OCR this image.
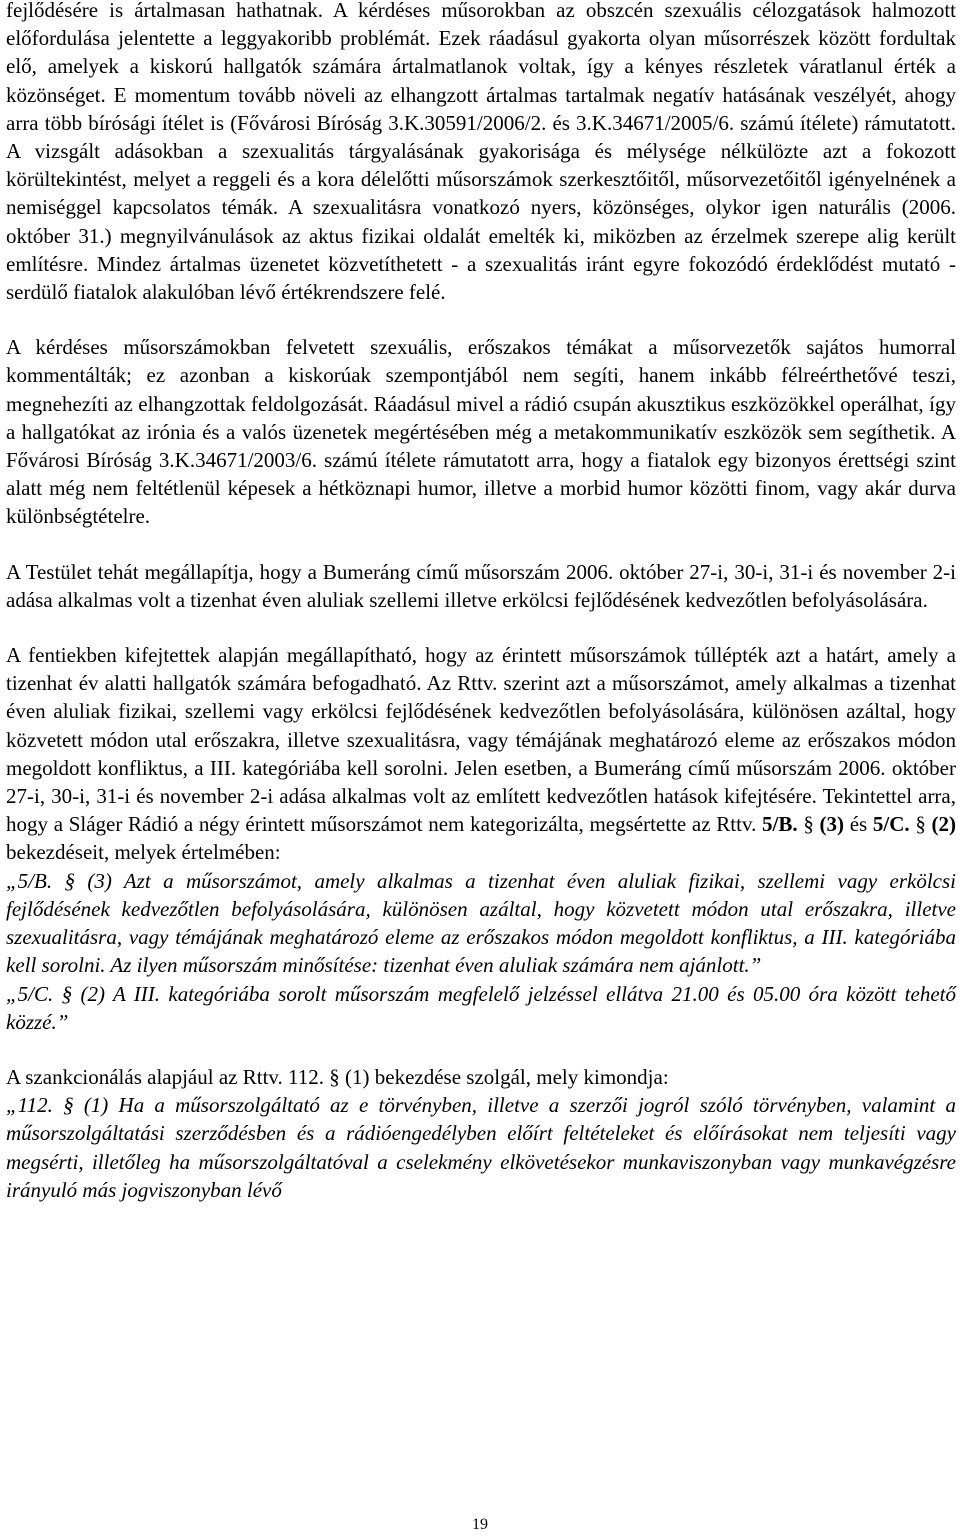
fejlődésére is ártalmasan hathatnak. A kérdéses műsorokban az obszcén szexuális célozgatások halmozott előfordulása jelentette a leggyakoribb problémát. Ezek ráadásul gyakorta olyan műsorrészek között fordultak elő, amelyek a kiskorú hallgatók számára ártalmatlanok voltak, így a kényes részletek váratlanul érték a közönséget. E momentum tovább növeli az elhangzott ártalmas tartalmak negatív hatásának veszélyét, ahogy arra több bírósági ítélet is (Fővárosi Bíróság 3.K.30591/2006/2. és 3.K.34671/2005/6. számú ítélete) rámutatott. A vizsgált adásokban a szexualitás tárgyalásának gyakorisága és mélysége nélkülözte azt a fokozott körültekintést, melyet a reggeli és a kora délelőtti műsorszámok szerkesztőitől, műsorvezetőitől igényelnének a nemiséggel kapcsolatos témák. A szexualitásra vonatkozó nyers, közönséges, olykor igen naturális (2006. október 31.) megnyilvánulások az aktus fizikai oldalát emelték ki, miközben az érzelmek szerepe alig került említésre. Mindez ártalmas üzenetet közvetíthetett - a szexualitás iránt egyre fokozódó érdeklődést mutató - serdülő fiatalok alakulóban lévő értékrendszere felé.

A kérdéses műsorszámokban felvetett szexuális, erőszakos témákat a műsorvezetők sajátos humorral kommentálták; ez azonban a kiskorúak szempontjából nem segíti, hanem inkább félreérthetővé teszi, megnehezíti az elhangzottak feldolgozását. Ráadásul mivel a rádió csupán akusztikus eszközökkel operálhat, így a hallgatókat az irónia és a valós üzenetek megértésében még a metakommunikatív eszközök sem segíthetik. A Fővárosi Bíróság 3.K.34671/2003/6. számú ítélete rámutatott arra, hogy a fiatalok egy bizonyos érettségi szint alatt még nem feltétlenül képesek a hétköznapi humor, illetve a morbid humor közötti finom, vagy akár durva különbségtételre.

A Testület tehát megállapítja, hogy a Bumeráng című műsorszám 2006. október 27-i, 30-i, 31-i és november 2-i adása alkalmas volt a tizenhat éven aluliak szellemi illetve erkölcsi fejlődésének kedvezőtlen befolyásolására.

A fentiekben kifejtettek alapján megállapítható, hogy az érintett műsorszámok túllépték azt a határt, amely a tizenhat év alatti hallgatók számára befogadható. Az Rttv. szerint azt a műsorszámot, amely alkalmas a tizenhat éven aluliak fizikai, szellemi vagy erkölcsi fejlődésének kedvezőtlen befolyásolására, különösen azáltal, hogy közvetett módon utal erőszakra, illetve szexualitásra, vagy témájának meghatározó eleme az erőszakos módon megoldott konfliktus, a III. kategóriába kell sorolni. Jelen esetben, a Bumeráng című műsorszám 2006. október 27-i, 30-i, 31-i és november 2-i adása alkalmas volt az említett kedvezőtlen hatások kifejtésére. Tekintettel arra, hogy a Sláger Rádió a négy érintett műsorszámot nem kategorizálta, megsértette az Rttv. 5/B. § (3) és 5/C. § (2) bekezdéseit, melyek értelmében:

„5/B. § (3) Azt a műsorszámot, amely alkalmas a tizenhat éven aluliak fizikai, szellemi vagy erkölcsi fejlődésének kedvezőtlen befolyásolására, különösen azáltal, hogy közvetett módon utal erőszakra, illetve szexualitásra, vagy témájának meghatározó eleme az erőszakos módon megoldott konfliktus, a III. kategóriába kell sorolni. Az ilyen műsorszám minősítése: tizenhat éven aluliak számára nem ajánlott.”

„5/C. § (2) A III. kategóriába sorolt műsorszám megfelelő jelzéssel ellátva 21.00 és 05.00 óra között tehető közzé.”

A szankcionálás alapjául az Rttv. 112. § (1) bekezdése szolgál, mely kimondja:

„112. § (1) Ha a műsorszolgáltató az e törvényben, illetve a szerzői jogról szóló törvényben, valamint a műsorszolgáltatási szerződésben és a rádióengedélyben előírt feltételeket és előírásokat nem teljesíti vagy megsérti, illetőleg ha műsorszolgáltatóval a cselekmény elkövetésekor munkaviszonyban vagy munkavégzésre irányuló más jogviszonyban lévő

19
